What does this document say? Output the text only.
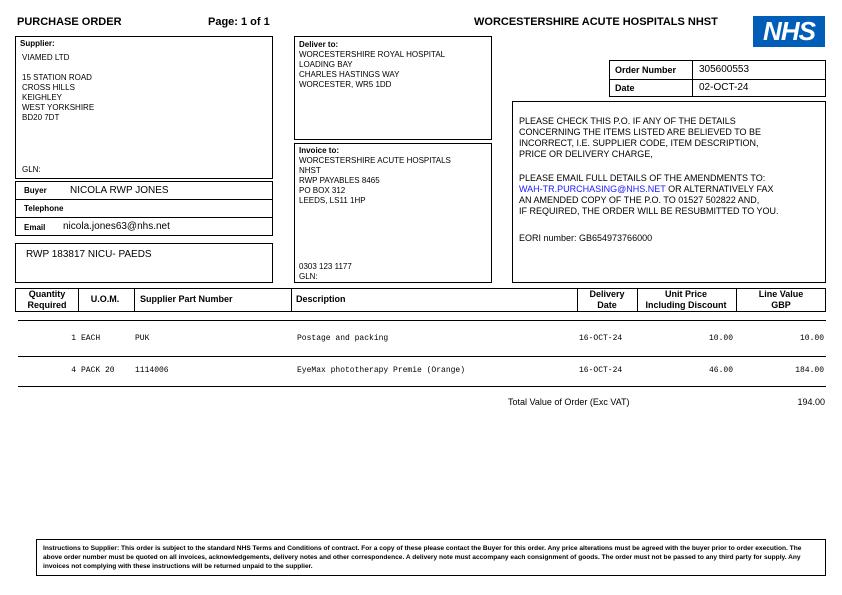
PURCHASE ORDER	Page: 1 of 1	WORCESTERSHIRE ACUTE HOSPITALS NHST	NHS
Supplier:
VIAMED LTD

15 STATION ROAD
CROSS HILLS
KEIGHLEY
WEST YORKSHIRE
BD20 7DT
GLN:
Buyer NICOLA RWP JONES
Telephone
Email nicola.jones63@nhs.net
RWP 183817 NICU- PAEDS
Deliver to:
WORCESTERSHIRE ROYAL HOSPITAL
LOADING BAY
CHARLES HASTINGS WAY
WORCESTER, WR5 1DD
Invoice to:
WORCESTERSHIRE ACUTE HOSPITALS
NHST
RWP PAYABLES 8465
PO BOX 312
LEEDS, LS11 1HP
0303 123 1177
GLN:
Order Number 305600553
Date	02-OCT-24
PLEASE CHECK THIS P.O. IF ANY OF THE DETAILS
CONCERNING THE ITEMS LISTED ARE BELIEVED TO BE
INCORRECT, I.E. SUPPLIER CODE, ITEM DESCRIPTION,
PRICE OR DELIVERY CHARGE,
PLEASE EMAIL FULL DETAILS OF THE AMENDMENTS TO:
WAH-TR.PURCHASING@NHS.NET OR ALTERNATIVELY FAX
AN AMENDED COPY OF THE P.O. TO 01527 502822 AND,
IF REQUIRED, THE ORDER WILL BE RESUBMITTED TO YOU.
EORI number: GB654973766000
Quantity
Required
U.O.M.	Supplier Part Number	Description	Delivery
Date
Unit Price
Including Discount
Line Value
GBP
1 EACH	PUK	Postage and packing	16-OCT-24	10.00	10.00
4 PACK 20	1114006	EyeMax phototherapy Premie (Orange)	16-OCT-24	46.00	184.00
Total Value of Order (Exc VAT)	194.00
Instructions to Supplier: This order is subject to the standard NHS Terms and Conditions of contract. For a copy of these please contact the Buyer for this order. Any price alterations must be agreed with the buyer prior to order execution. The above order number must be quoted on all invoices, acknowledgements, delivery notes and other correspondence. A delivery note must accompany each consignment of goods. The order must not be passed to any third party for supply. Any invoices not complying with these instructions will be returned unpaid to the supplier.
